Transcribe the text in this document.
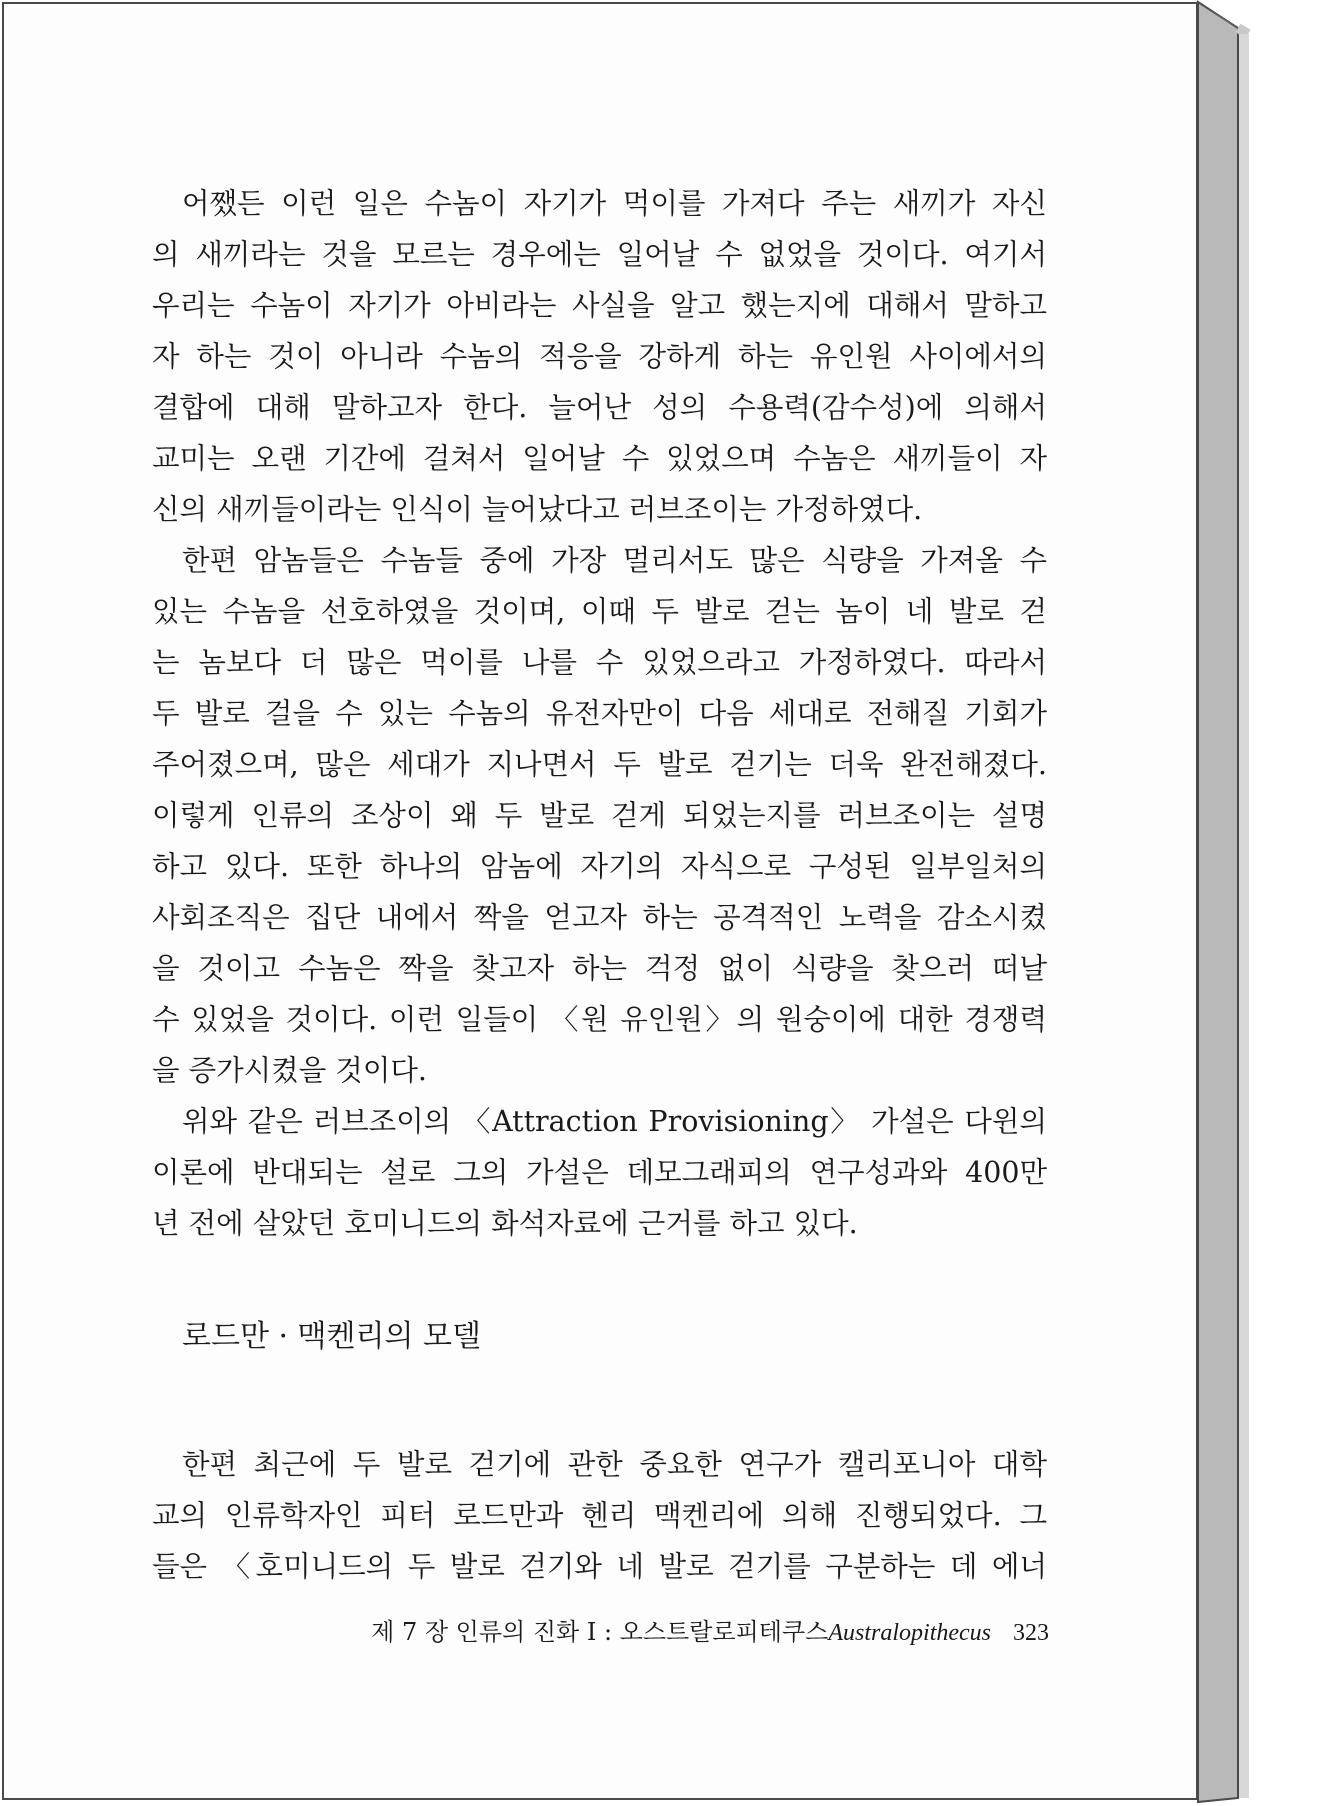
어쨌든 이런 일은 수놈이 자기가 먹이를 가져다 주는 새끼가 자신
의 새끼라는 것을 모르는 경우에는 일어날 수 없었을 것이다. 여기서
우리는 수놈이 자기가 아비라는 사실을 알고 했는지에 대해서 말하고
자 하는 것이 아니라 수놈의 적응을 강하게 하는 유인원 사이에서의
결합에 대해 말하고자 한다. 늘어난 성의 수용력(감수성)에 의해서
교미는 오랜 기간에 걸쳐서 일어날 수 있었으며 수놈은 새끼들이 자
신의 새끼들이라는 인식이 늘어났다고 러브조이는 가정하였다.
한편 암놈들은 수놈들 중에 가장 멀리서도 많은 식량을 가져올 수
있는 수놈을 선호하였을 것이며, 이때 두 발로 걷는 놈이 네 발로 걷
는 놈보다 더 많은 먹이를 나를 수 있었으라고 가정하였다. 따라서
두 발로 걸을 수 있는 수놈의 유전자만이 다음 세대로 전해질 기회가
주어졌으며, 많은 세대가 지나면서 두 발로 걷기는 더욱 완전해졌다.
이렇게 인류의 조상이 왜 두 발로 걷게 되었는지를 러브조이는 설명
하고 있다. 또한 하나의 암놈에 자기의 자식으로 구성된 일부일처의
사회조직은 집단 내에서 짝을 얻고자 하는 공격적인 노력을 감소시켰
을 것이고 수놈은 짝을 찾고자 하는 걱정 없이 식량을 찾으러 떠날
수 있었을 것이다. 이런 일들이 〈원 유인원〉의 원숭이에 대한 경쟁력
을 증가시켰을 것이다.
위와 같은 러브조이의 〈Attraction Provisioning〉 가설은 다윈의
이론에 반대되는 설로 그의 가설은 데모그래피의 연구성과와 400만
년 전에 살았던 호미니드의 화석자료에 근거를 하고 있다.
로드만 · 맥켄리의 모델
한편 최근에 두 발로 걷기에 관한 중요한 연구가 캘리포니아 대학
교의 인류학자인 피터 로드만과 헨리 맥켄리에 의해 진행되었다. 그
들은 〈호미니드의 두 발로 걷기와 네 발로 걷기를 구분하는 데 에너
제 7 장 인류의 진화 Ⅰ : 오스트랄로피테쿠스Australopithecus 323
